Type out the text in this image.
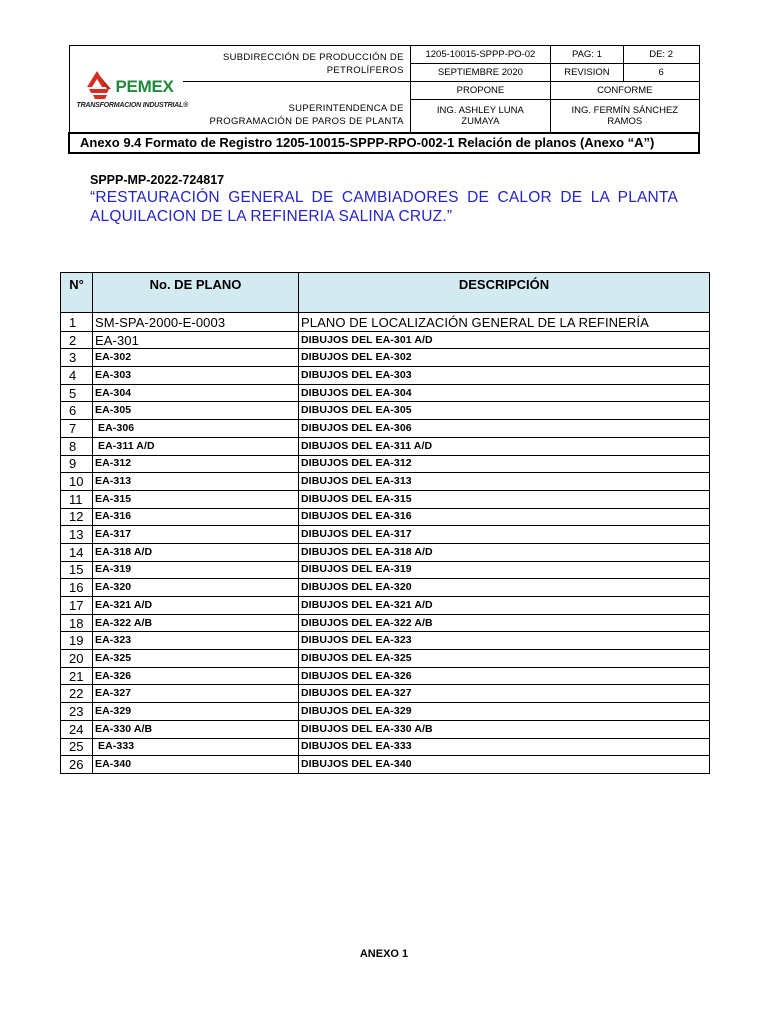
PEMEX
TRANSFORMACION INDUSTRIAL®	SUBDIRECCIÓN DE PRODUCCIÓN DE
PETROLÍFEROS	1205-10015-SPPP-PO-02	PAG: 1	DE: 2
		SEPTIEMBRE 2020	REVISION	6
	SUPERINTENDENCA DE
PROGRAMACIÓN DE PAROS DE PLANTA	PROPONE	CONFORME	
		ING. ASHLEY LUNA ZUMAYA	ING. FERMÍN SÁNCHEZ RAMOS	
Anexo 9.4 Formato de Registro 1205-10015-SPPP-RPO-002-1 Relación de planos (Anexo “A”)				
SPPP-MP-2022-724817
“RESTAURACIÓN GENERAL DE CAMBIADORES DE CALOR DE LA PLANTA ALQUILACION DE LA REFINERIA SALINA CRUZ.”
N°	No. DE PLANO	DESCRIPCIÓN
1	SM-SPA-2000-E-0003	PLANO DE LOCALIZACIÓN GENERAL DE LA REFINERÍA
2	EA-301	DIBUJOS DEL EA-301 A/D
3	EA-302	DIBUJOS DEL EA-302
4	EA-303	DIBUJOS DEL EA-303
5	EA-304	DIBUJOS DEL EA-304
6	EA-305	DIBUJOS DEL EA-305
7	EA-306	DIBUJOS DEL EA-306
8	EA-311 A/D	DIBUJOS DEL EA-311 A/D
9	EA-312	DIBUJOS DEL EA-312
10	EA-313	DIBUJOS DEL EA-313
11	EA-315	DIBUJOS DEL EA-315
12	EA-316	DIBUJOS DEL EA-316
13	EA-317	DIBUJOS DEL EA-317
14	EA-318 A/D	DIBUJOS DEL EA-318 A/D
15	EA-319	DIBUJOS DEL EA-319
16	EA-320	DIBUJOS DEL EA-320
17	EA-321 A/D	DIBUJOS DEL EA-321 A/D
18	EA-322 A/B	DIBUJOS DEL EA-322 A/B
19	EA-323	DIBUJOS DEL EA-323
20	EA-325	DIBUJOS DEL EA-325
21	EA-326	DIBUJOS DEL EA-326
22	EA-327	DIBUJOS DEL EA-327
23	EA-329	DIBUJOS DEL EA-329
24	EA-330 A/B	DIBUJOS DEL EA-330 A/B
25	EA-333	DIBUJOS DEL EA-333
26	EA-340	DIBUJOS DEL EA-340
ANEXO 1
